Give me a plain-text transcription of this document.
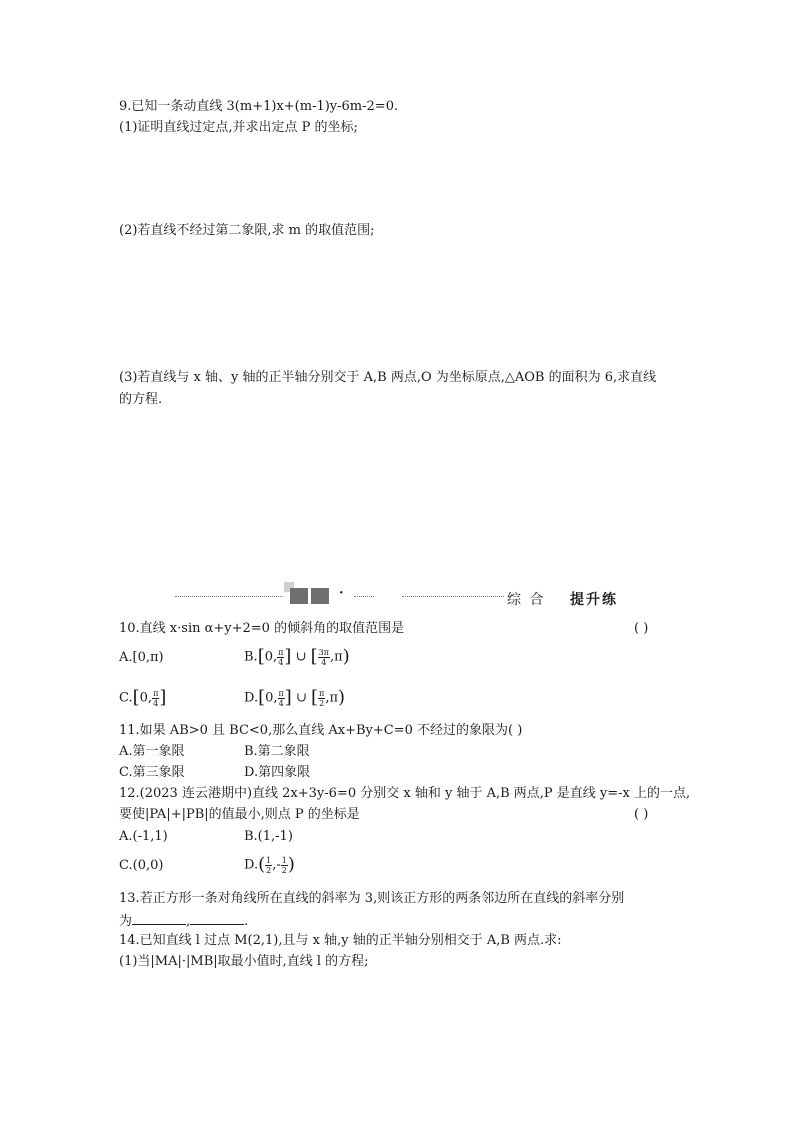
9.已知一条动直线 3(m+1)x+(m-1)y-6m-2=0.
(1)证明直线过定点,并求出定点 P 的坐标;
(2)若直线不经过第二象限,求 m 的取值范围;
(3)若直线与 x 轴、y 轴的正半轴分别交于 A,B 两点,O 为坐标原点,△AOB 的面积为 6,求直线
的方程.
·	综 合 提升练
10.直线 x·sin α+y+2=0 的倾斜角的取值范围是	( )
A.[0,π)	B.[0, $\frac{\pi}{4}$ ] ∪ [ $\frac{3\pi}{4} ,\pi$)
C.[0, $\frac{\pi}{4}$ ]	D.[0, $\frac{\pi}{4}$ ] ∪ [ $\frac{\pi}{2} ,\pi$)
11.如果 AB>0 且 BC<0,那么直线 Ax+By+C=0 不经过的象限为( )
A.第一象限	B.第二象限
C.第三象限	D.第四象限
12.(2023 连云港期中)直线 2x+3y-6=0 分别交 x 轴和 y 轴于 A,B 两点,P 是直线 y=-x 上的一点,
要使|PA|+|PB|的值最小,则点 P 的坐标是	( )
A.(-1,1)	B.(1,-1)
C.(0,0)	$D.( \frac{1}{2}$ ,- $\frac{1}{2}$ )
13.若正方形一条对角线所在直线的斜率为 3,则该正方形的两条邻边所在直线的斜率分别
为	,	.
14.已知直线 l 过点 M(2,1),且与 x 轴,y 轴的正半轴分别相交于 A,B 两点.求:
(1)当|MA|·|MB|取最小值时,直线 l 的方程;
